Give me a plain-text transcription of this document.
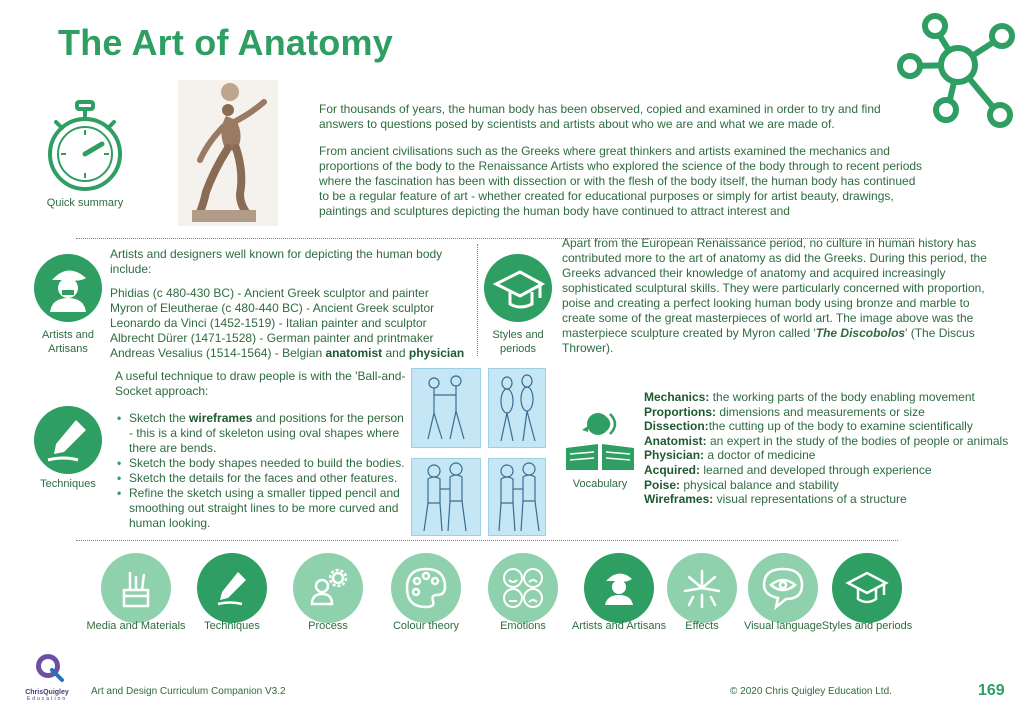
The Art of Anatomy
Quick summary
For thousands of years, the human body has been observed, copied and examined in order to try and find answers to questions posed by scientists and artists about who we are and what we are made of.
From ancient civilisations such as the Greeks where great thinkers and artists examined the mechanics and proportions of the body to the Renaissance Artists who explored the science of the body through to recent periods where the fascination has been with dissection or with the flesh of the body itself, the human body has continued to be a regular feature of art - whether created for educational purposes or simply for artist beauty, drawings, paintings and sculptures depicting the human body have continued to attract interest and
Artists and Artisans
Artists and designers well known for depicting the human body include:
Phidias (c 480-430 BC) - Ancient Greek sculptor and painter
Myron of Eleutherae (c 480-440 BC) - Ancient Greek sculptor
Leonardo da Vinci (1452-1519) - Italian painter and sculptor
Albrecht Dürer (1471-1528) - German painter and printmaker
Andreas Vesalius (1514-1564) - Belgian anatomist and physician
Styles and periods
Apart from the European Renaissance period, no culture in human history has contributed more to the art of anatomy as did the Greeks. During this period, the Greeks advanced their knowledge of anatomy and acquired increasingly sophisticated sculptural skills. They were particularly concerned with proportion, poise and creating a perfect looking human body using bronze and marble to create some of the great masterpieces of world art. The image above was the masterpiece sculpture created by Myron called 'The Discobolos' (The Discus Thrower).
Techniques
A useful technique to draw people is with the 'Ball-and-Socket approach:
• Sketch the wireframes and positions for the person - this is a kind of skeleton using oval shapes where there are bends.
• Sketch the body shapes needed to build the bodies.
• Sketch the details for the faces and other features.
• Refine the sketch using a smaller tipped pencil and smoothing out straight lines to be more curved and human looking.
Vocabulary
Mechanics: the working parts of the body enabling movement
Proportions: dimensions and measurements or size
Dissection:the cutting up of the body to examine scientifically
Anatomist: an expert in the study of the bodies of people or animals
Physician: a doctor of medicine
Acquired: learned and developed through experience
Poise: physical balance and stability
Wireframes: visual representations of a structure
Media and Materials	Techniques	Process	Colour theory	Emotions	Artists and Artisans	Effects	Visual language Styles and periods
ChrisQuigley
Education
Art and Design Curriculum Companion V3.2	© 2020 Chris Quigley Education Ltd.	169
